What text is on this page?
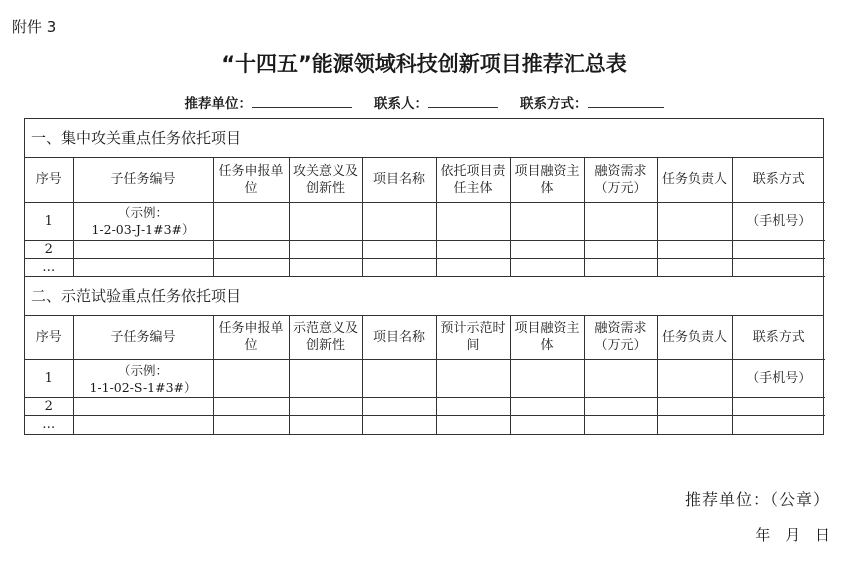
附件 3
“十四五”能源领域科技创新项目推荐汇总表
推荐单位：	联系人：	联系方式：
一、集中攻关重点任务依托项目
序号	子任务编号	任务申报单位	攻关意义及创新性	项目名称	依托项目责任主体	项目融资主体	融资需求（万元）	任务负责人	联系方式
1	（示例：
1-2-03-J-1#3#）								（手机号）
2									
…									
二、示范试验重点任务依托项目
序号	子任务编号	任务申报单位	示范意义及创新性	项目名称	预计示范时间	项目融资主体	融资需求（万元）	任务负责人	联系方式
1	（示例：
1-1-02-S-1#3#）								（手机号）
2									
…									
推荐单位：（公章）
年 月 日
